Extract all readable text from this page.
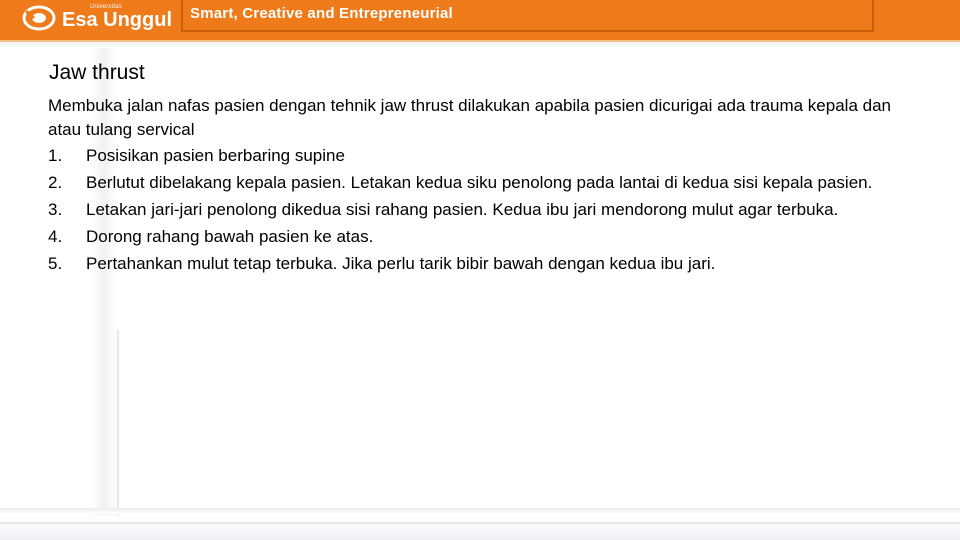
Universitas
Esa Unggul Smart, Creative and Entrepreneurial
Jaw thrust
Membuka jalan nafas pasien dengan tehnik jaw thrust dilakukan apabila pasien dicurigai ada trauma kepala dan atau tulang servical
1. Posisikan pasien berbaring supine
2. Berlutut dibelakang kepala pasien. Letakan kedua siku penolong pada lantai di kedua sisi kepala pasien.
3. Letakan jari-jari penolong dikedua sisi rahang pasien. Kedua ibu jari mendorong mulut agar terbuka.
4. Dorong rahang bawah pasien ke atas.
5. Pertahankan mulut tetap terbuka. Jika perlu tarik bibir bawah dengan kedua ibu jari.
